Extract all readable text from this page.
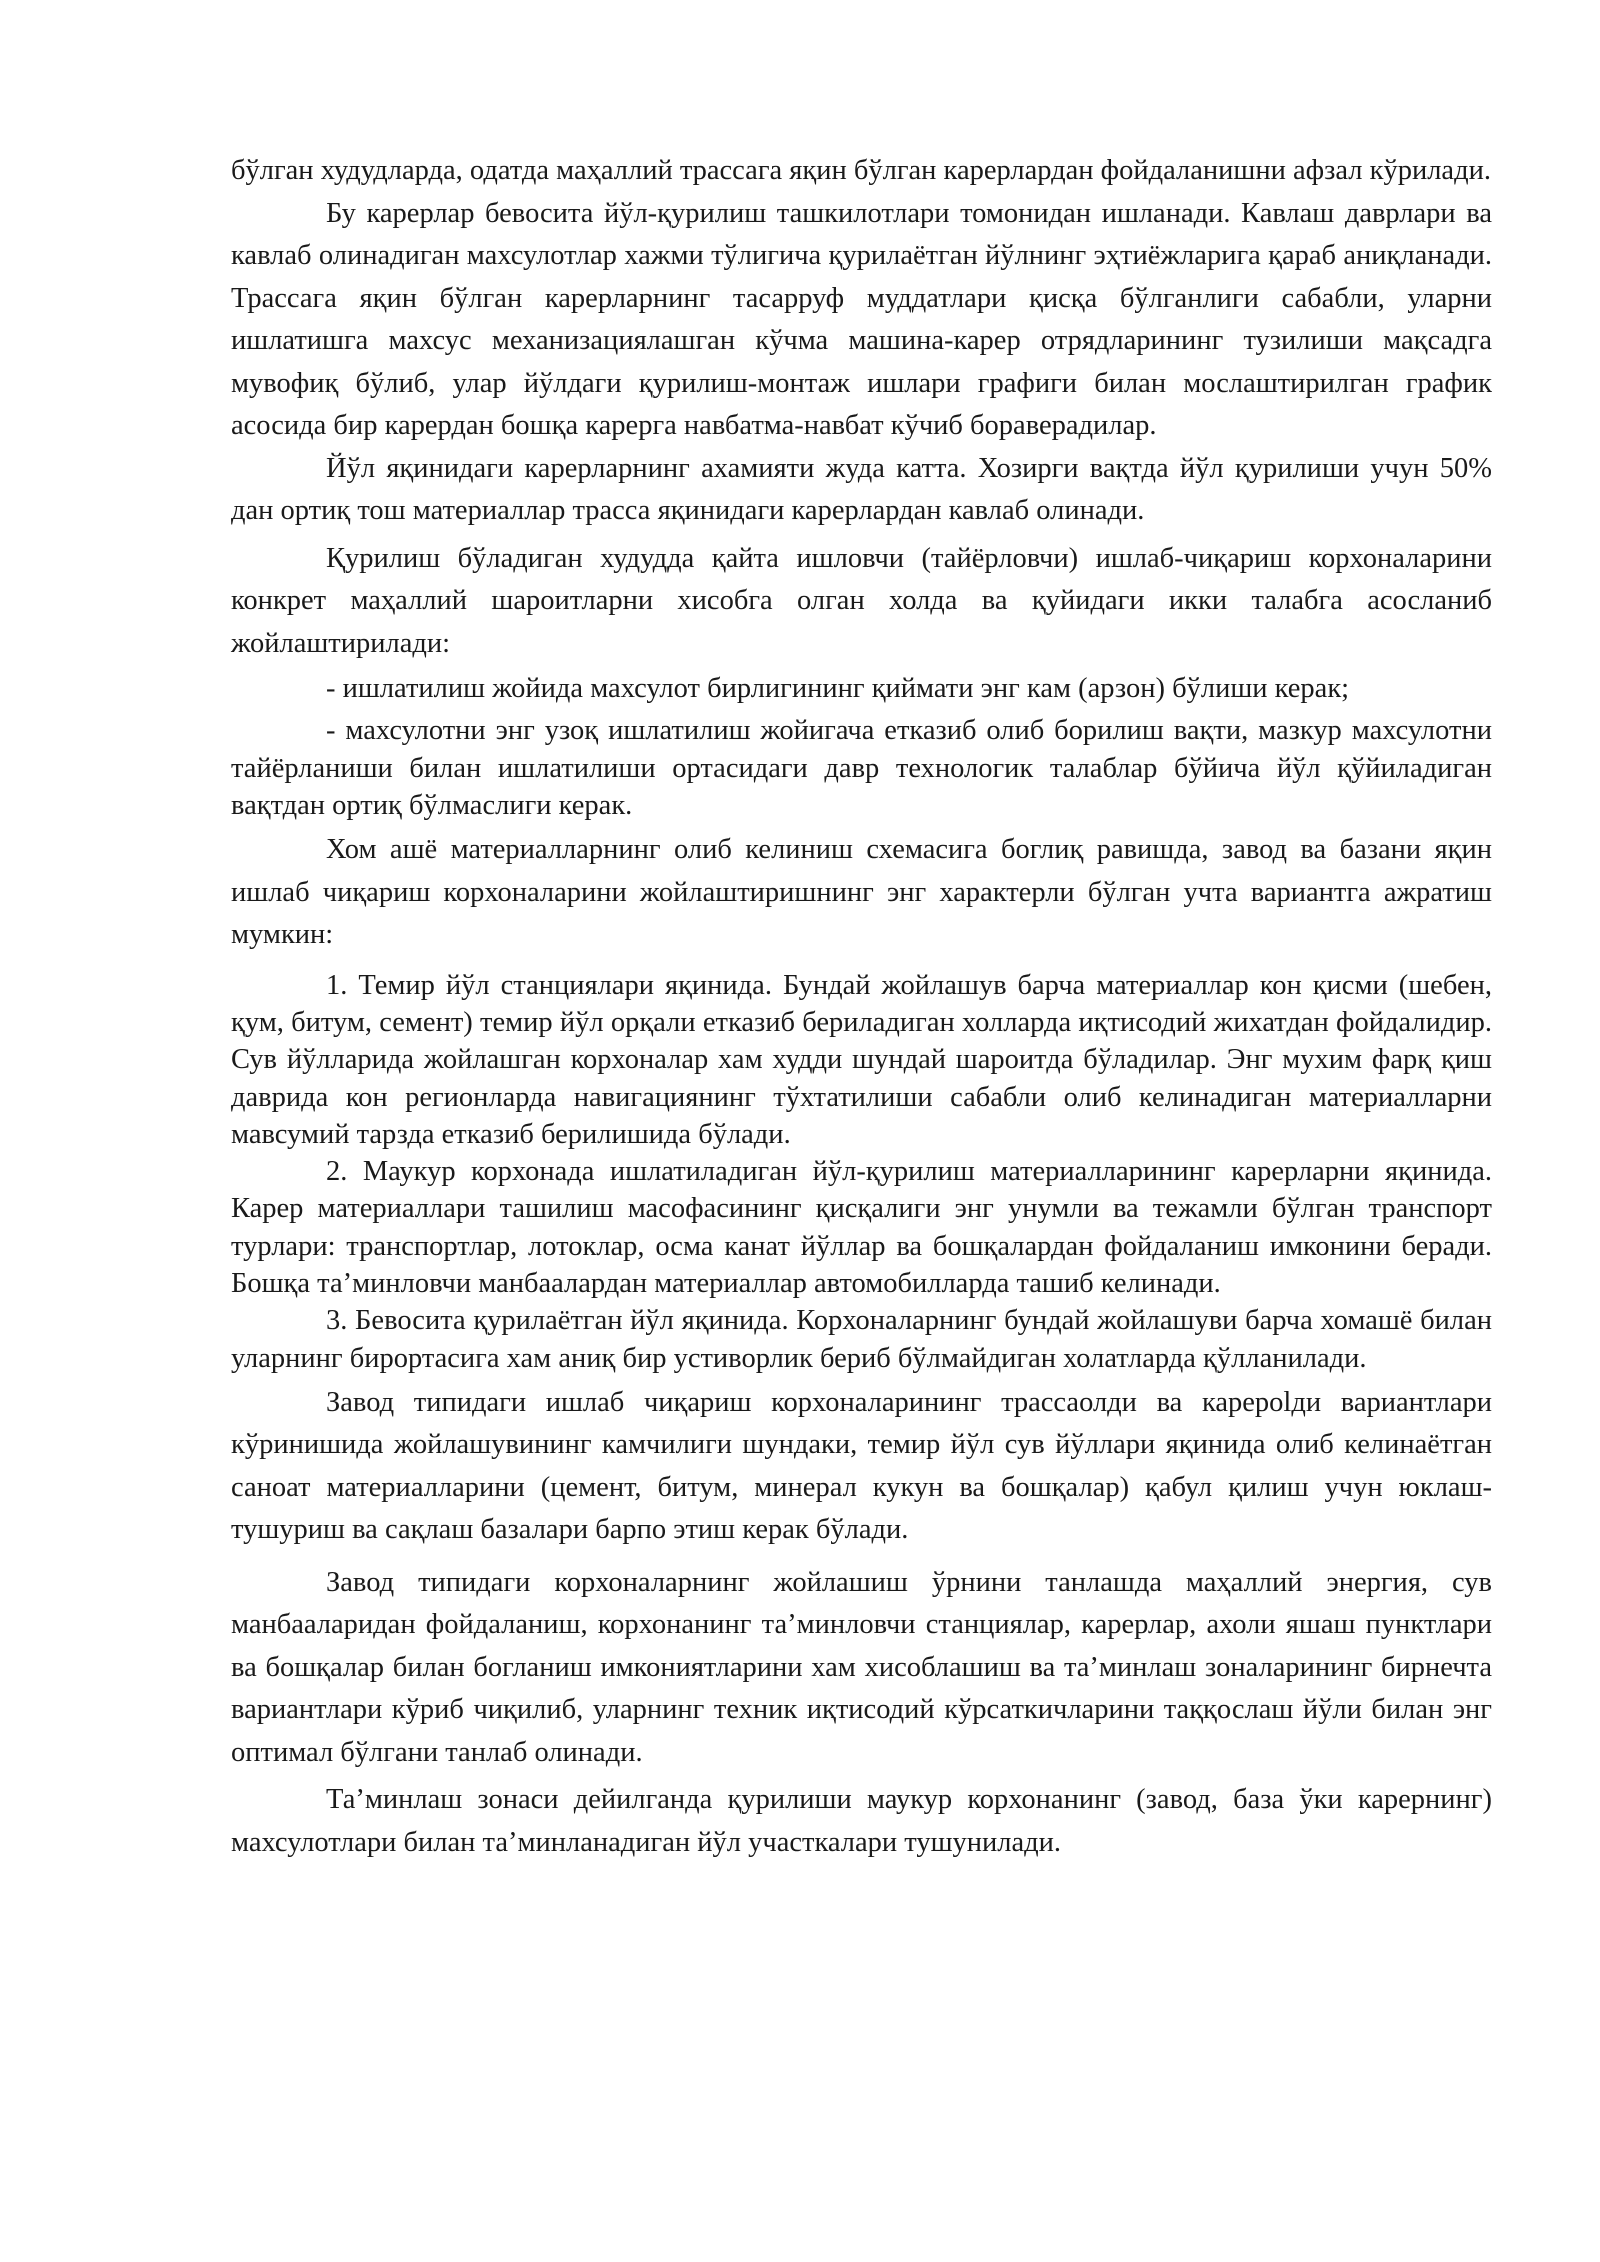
бўлган худудларда, одатда маҳаллий трассага яқин бўлган карерлардан фойдаланишни афзал кўрилади.

Бу карерлар бевосита йўл-қурилиш ташкилотлари томонидан ишланади. Кавлаш даврлари ва кавлаб олинадиган махсулотлар хажми тўлигича қурилаётган йўлнинг эҳтиёжларига қараб аниқланади. Трассага яқин бўлган карерларнинг тасарруф муддатлари қисқа бўлганлиги сабабли, уларни ишлатишга махсус механизациялашган кўчма машина-карер отрядларининг тузилиши мақсадга мувофиқ бўлиб, улар йўлдаги қурилиш-монтаж ишлари графиги билан мослаштирилган график асосида бир карердан бошқа карерга навбатма-навбат кўчиб бораверадилар.

Йўл яқинидаги карерларнинг ахамияти жуда катта. Хозирги вақтда йўл қурилиши учун 50% дан ортиқ тош материаллар трасса яқинидаги карерлардан кавлаб олинади.

Қурилиш бўладиган худудда қайта ишловчи (тайёрловчи) ишлаб-чиқариш корхоналарини конкрет маҳаллий шароитларни хисобга олган холда ва қуйидаги икки талабга асосланиб жойлаштирилади:

- ишлатилиш жойида махсулот бирлигининг қиймати энг кам (арзон) бўлиши керак;

- махсулотни энг узоқ ишлатилиш жойигача етказиб олиб борилиш вақти, мазкур махсулотни тайёрланиши билан ишлатилиши ортасидаги давр технологик талаблар бўйича йўл қўйиладиган вақтдан ортиқ бўлмаслиги керак.

Хом ашё материалларнинг олиб келиниш схемасига боглиқ равишда, завод ва базани яқин ишлаб чиқариш корхоналарини жойлаштиришнинг энг характерли бўлган учта вариантга ажратиш мумкин:

1. Темир йўл станциялари яқинида. Бундай жойлашув барча материаллар кон қисми (шебен, қум, битум, семент) темир йўл орқали етказиб бериладиган холларда иқтисодий жихатдан фойдалидир. Сув йўлларида жойлашган корхоналар хам худди шундай шароитда бўладилар. Энг мухим фарқ қиш даврида кон регионларда навигациянинг тўхтатилиши сабабли олиб келинадиган материалларни мавсумий тарзда етказиб берилишида бўлади.

2. Маукур корхонада ишлатиладиган йўл-қурилиш материалларининг карерларни яқинида. Карер материаллари ташилиш масофасининг қисқалиги энг унумли ва тежамли бўлган транспорт турлари: транспортлар, лотоклар, осма канат йўллар ва бошқалардан фойдаланиш имконини беради. Бошқа та’минловчи манбаалардан материаллар автомобилларда ташиб келинади.

3. Бевосита қурилаётган йўл яқинида. Корхоналарнинг бундай жойлашуви барча хомашё билан уларнинг бирортасига хам аниқ бир устиворлик бериб бўлмайдиган холатларда қўлланилади.

Завод типидаги ишлаб чиқариш корхоналарининг трассаолди ва карерolди вариантлари кўринишида жойлашувининг камчилиги шундаки, темир йўл сув йўллари яқинида олиб келинаётган саноат материалларини (цемент, битум, минерал кукун ва бошқалар) қабул қилиш учун юклаш-тушуриш ва сақлаш базалари барпо этиш керак бўлади.

Завод типидаги корхоналарнинг жойлашиш ўрнини танлашда маҳаллий энергия, сув манбааларидан фойдаланиш, корхонанинг та’минловчи станциялар, карерлар, ахоли яшаш пунктлари ва бошқалар билан богланиш имкониятларини хам хисоблашиш ва та’минлаш зоналарининг бирнечта вариантлари кўриб чиқилиб, уларнинг техник иқтисодий кўрсаткичларини таққослаш йўли билан энг оптимал бўлгани танлаб олинади.

Та’минлаш зонаси дейилганда қурилиши маукур корхонанинг (завод, база ўки карернинг) махсулотлари билан та’минланадиган йўл участкалари тушунилади.
